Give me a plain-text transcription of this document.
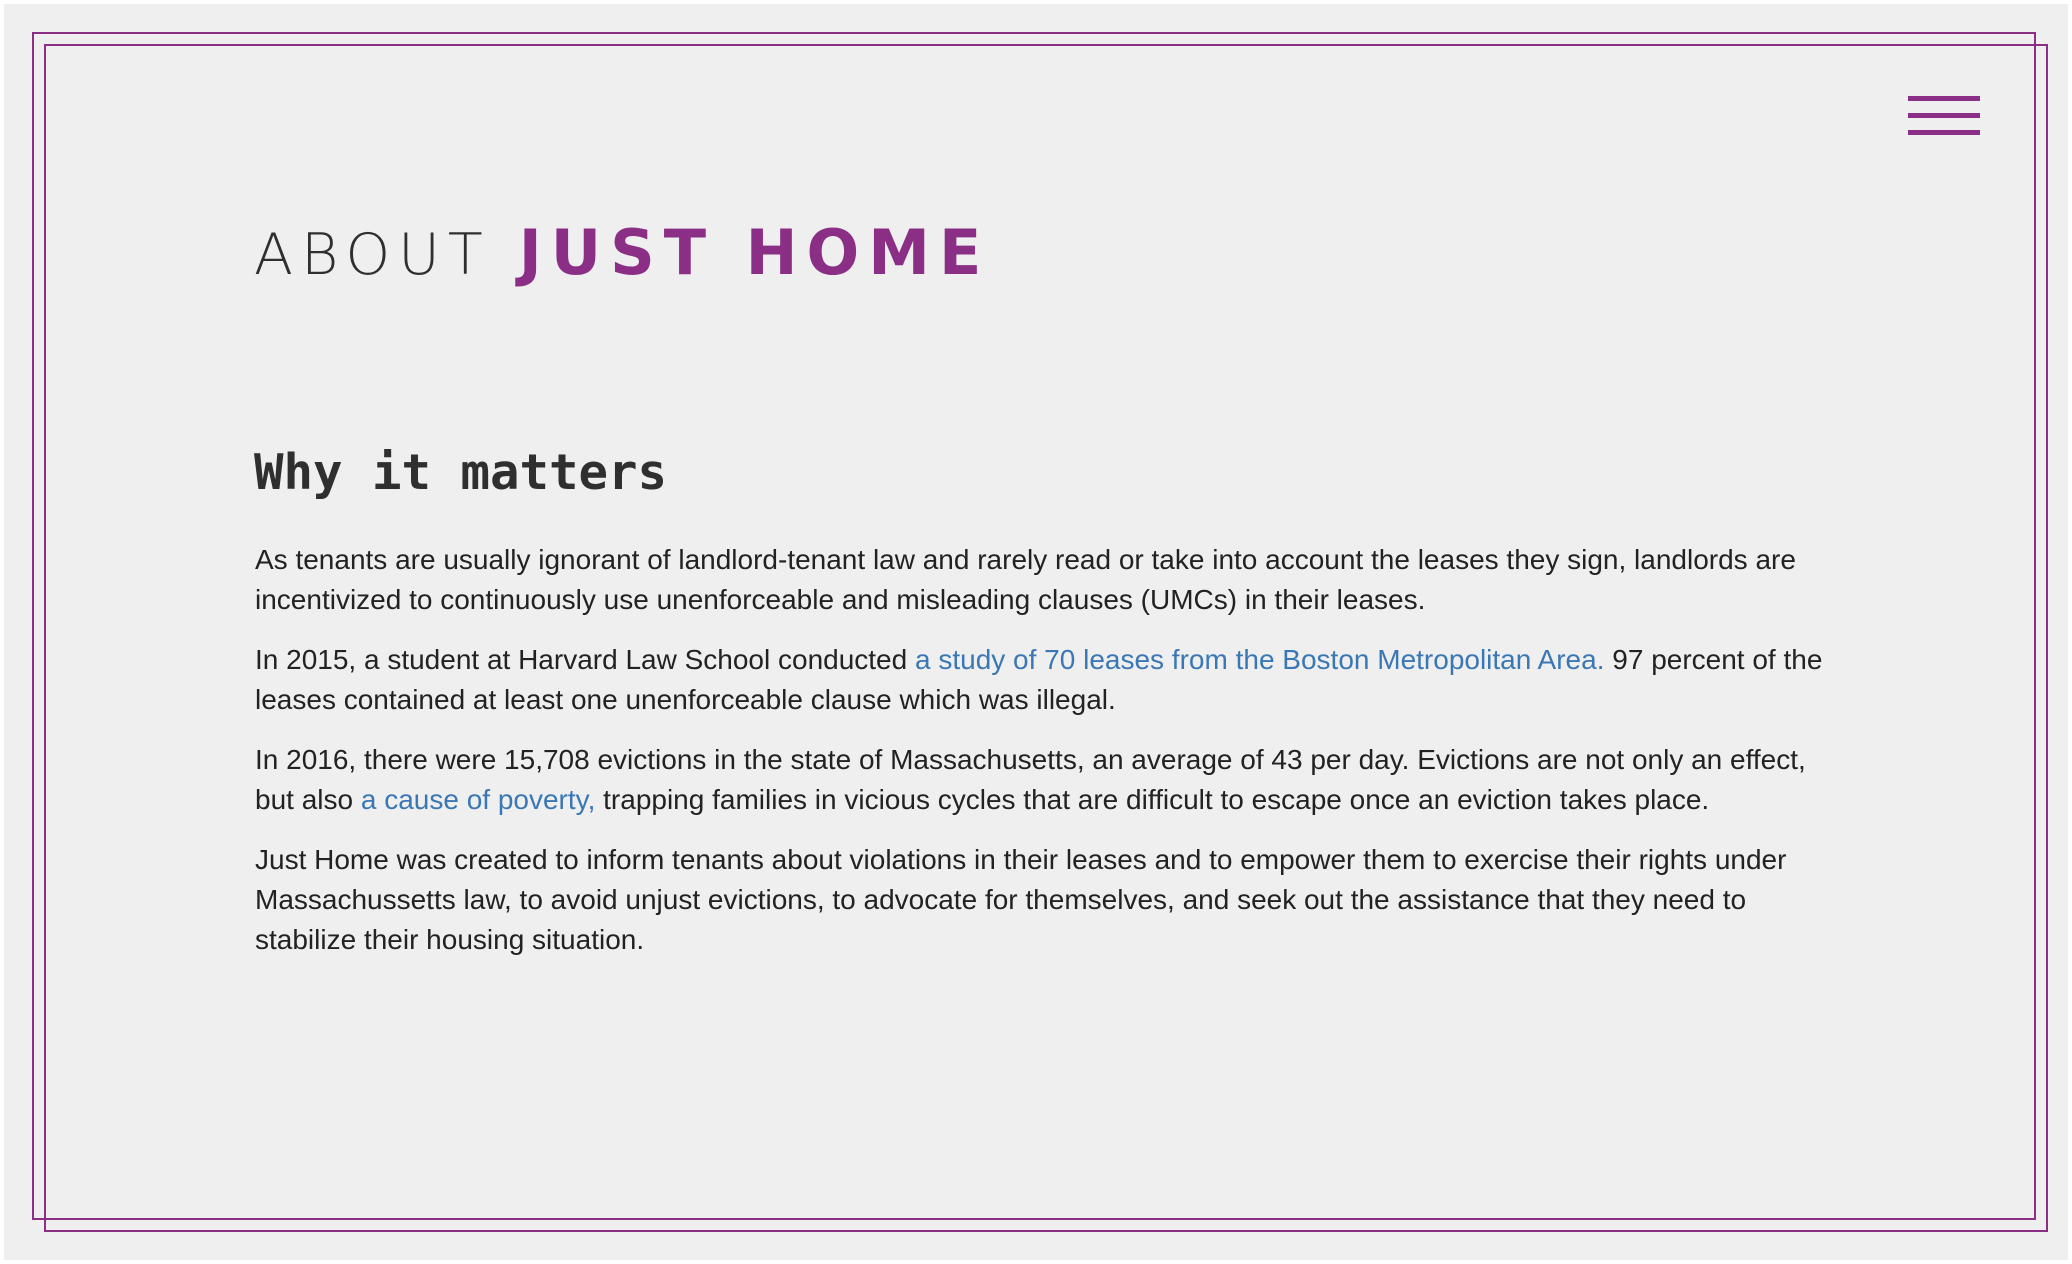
ABOUT JUST HOME
Why it matters

As tenants are usually ignorant of landlord-tenant law and rarely read or take into account the leases they sign, landlords are incentivized to continuously use unenforceable and misleading clauses (UMCs) in their leases.

In 2015, a student at Harvard Law School conducted a study of 70 leases from the Boston Metropolitan Area. 97 percent of the leases contained at least one unenforceable clause which was illegal.

In 2016, there were 15,708 evictions in the state of Massachusetts, an average of 43 per day. Evictions are not only an effect, but also a cause of poverty, trapping families in vicious cycles that are difficult to escape once an eviction takes place.

Just Home was created to inform tenants about violations in their leases and to empower them to exercise their rights under Massachussetts law, to avoid unjust evictions, to advocate for themselves, and seek out the assistance that they need to stabilize their housing situation.
